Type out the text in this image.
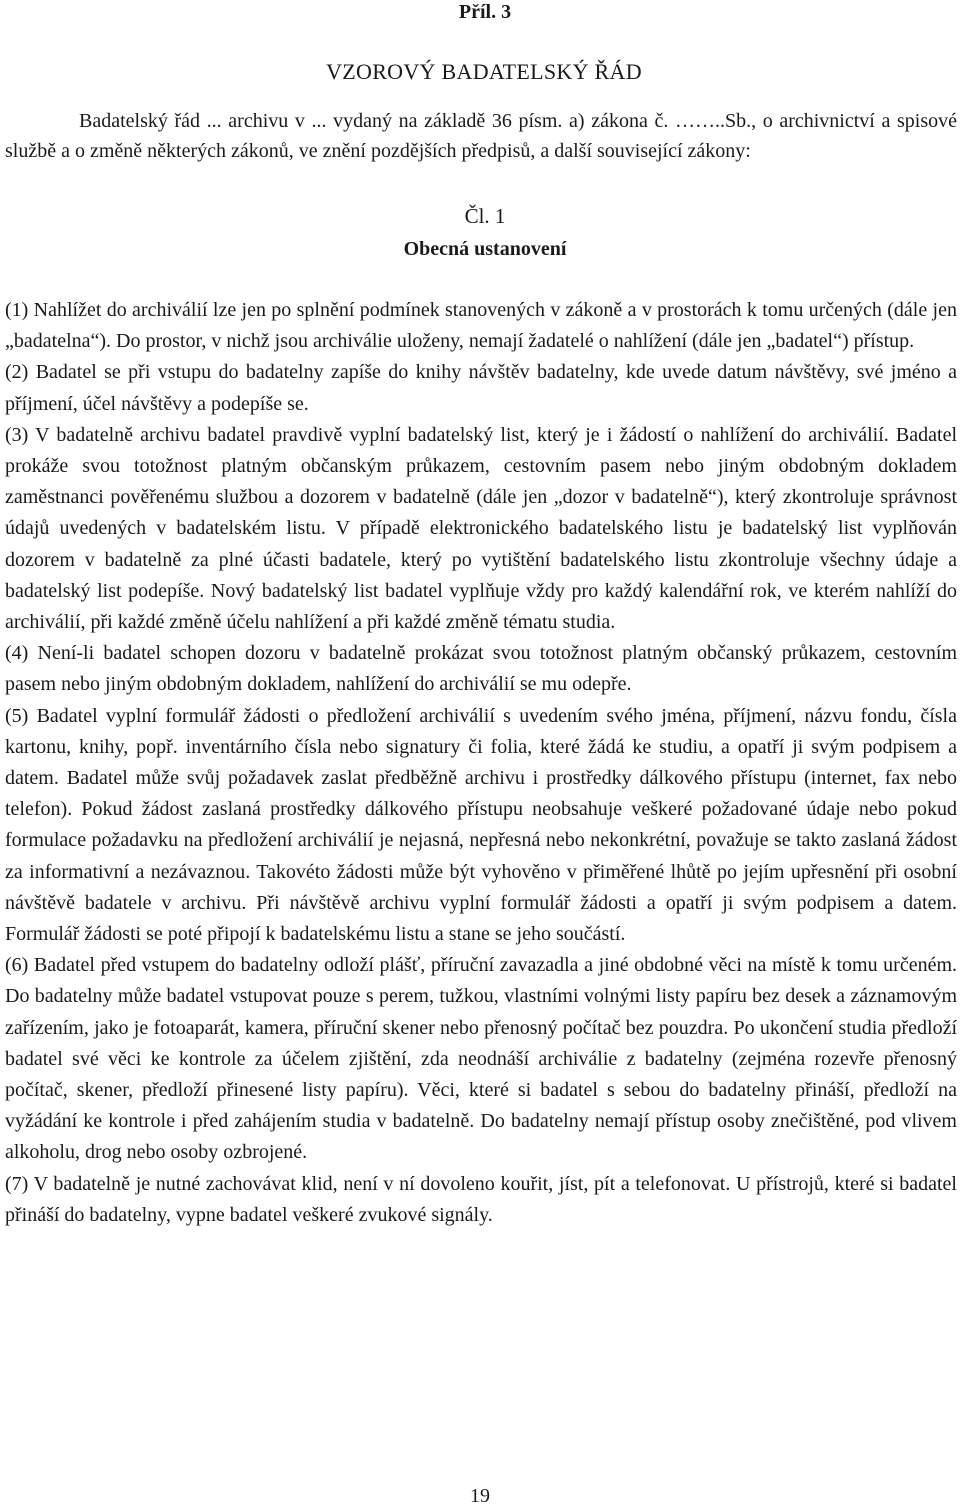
Příl. 3
VZOROVÝ BADATELSKÝ ŘÁD

Badatelský řád ... archivu v ... vydaný na základě 36 písm. a) zákona č. ……..Sb., o archivnictví a spisové službě a o změně některých zákonů, ve znění pozdějších předpisů, a další související zákony:

Čl. 1
Obecná ustanovení

(1) Nahlížet do archiválií lze jen po splnění podmínek stanovených v zákoně a v prostorách k tomu určených (dále jen „badatelna“). Do prostor, v nichž jsou archiválie uloženy, nemají žadatelé o nahlížení (dále jen „badatel“) přístup.

(2) Badatel se při vstupu do badatelny zapíše do knihy návštěv badatelny, kde uvede datum návštěvy, své jméno a příjmení, účel návštěvy a podepíše se.

(3) V badatelně archivu badatel pravdivě vyplní badatelský list, který je i žádostí o nahlížení do archiválií. Badatel prokáže svou totožnost platným občanským průkazem, cestovním pasem nebo jiným obdobným dokladem zaměstnanci pověřenému službou a dozorem v badatelně (dále jen „dozor v badatelně“), který zkontroluje správnost údajů uvedených v badatelském listu. V případě elektronického badatelského listu je badatelský list vyplňován dozorem v badatelně za plné účasti badatele, který po vytištění badatelského listu zkontroluje všechny údaje a badatelský list podepíše. Nový badatelský list badatel vyplňuje vždy pro každý kalendářní rok, ve kterém nahlíží do archiválií, při každé změně účelu nahlížení a při každé změně tématu studia.

(4) Není-li badatel schopen dozoru v badatelně prokázat svou totožnost platným občanský průkazem, cestovním pasem nebo jiným obdobným dokladem, nahlížení do archiválií se mu odepře.

(5) Badatel vyplní formulář žádosti o předložení archiválií s uvedením svého jména, příjmení, názvu fondu, čísla kartonu, knihy, popř. inventárního čísla nebo signatury či folia, které žádá ke studiu, a opatří ji svým podpisem a datem. Badatel může svůj požadavek zaslat předběžně archivu i prostředky dálkového přístupu (internet, fax nebo telefon). Pokud žádost zaslaná prostředky dálkového přístupu neobsahuje veškeré požadované údaje nebo pokud formulace požadavku na předložení archiválií je nejasná, nepřesná nebo nekonkrétní, považuje se takto zaslaná žádost za informativní a nezávaznou. Takovéto žádosti může být vyhověno v přiměřené lhůtě po jejím upřesnění při osobní návštěvě badatele v archivu. Při návštěvě archivu vyplní formulář žádosti a opatří ji svým podpisem a datem. Formulář žádosti se poté připojí k badatelskému listu a stane se jeho součástí.

(6) Badatel před vstupem do badatelny odloží plášť, příruční zavazadla a jiné obdobné věci na místě k tomu určeném. Do badatelny může badatel vstupovat pouze s perem, tužkou, vlastními volnými listy papíru bez desek a záznamovým zařízením, jako je fotoaparát, kamera, příruční skener nebo přenosný počítač bez pouzdra. Po ukončení studia předloží badatel své věci ke kontrole za účelem zjištění, zda neodnáší archiválie z badatelny (zejména rozevře přenosný počítač, skener, předloží přinesené listy papíru). Věci, které si badatel s sebou do badatelny přináší, předloží na vyžádání ke kontrole i před zahájením studia v badatelně. Do badatelny nemají přístup osoby znečištěné, pod vlivem alkoholu, drog nebo osoby ozbrojené.

(7) V badatelně je nutné zachovávat klid, není v ní dovoleno kouřit, jíst, pít a telefonovat. U přístrojů, které si badatel přináší do badatelny, vypne badatel veškeré zvukové signály.

19
